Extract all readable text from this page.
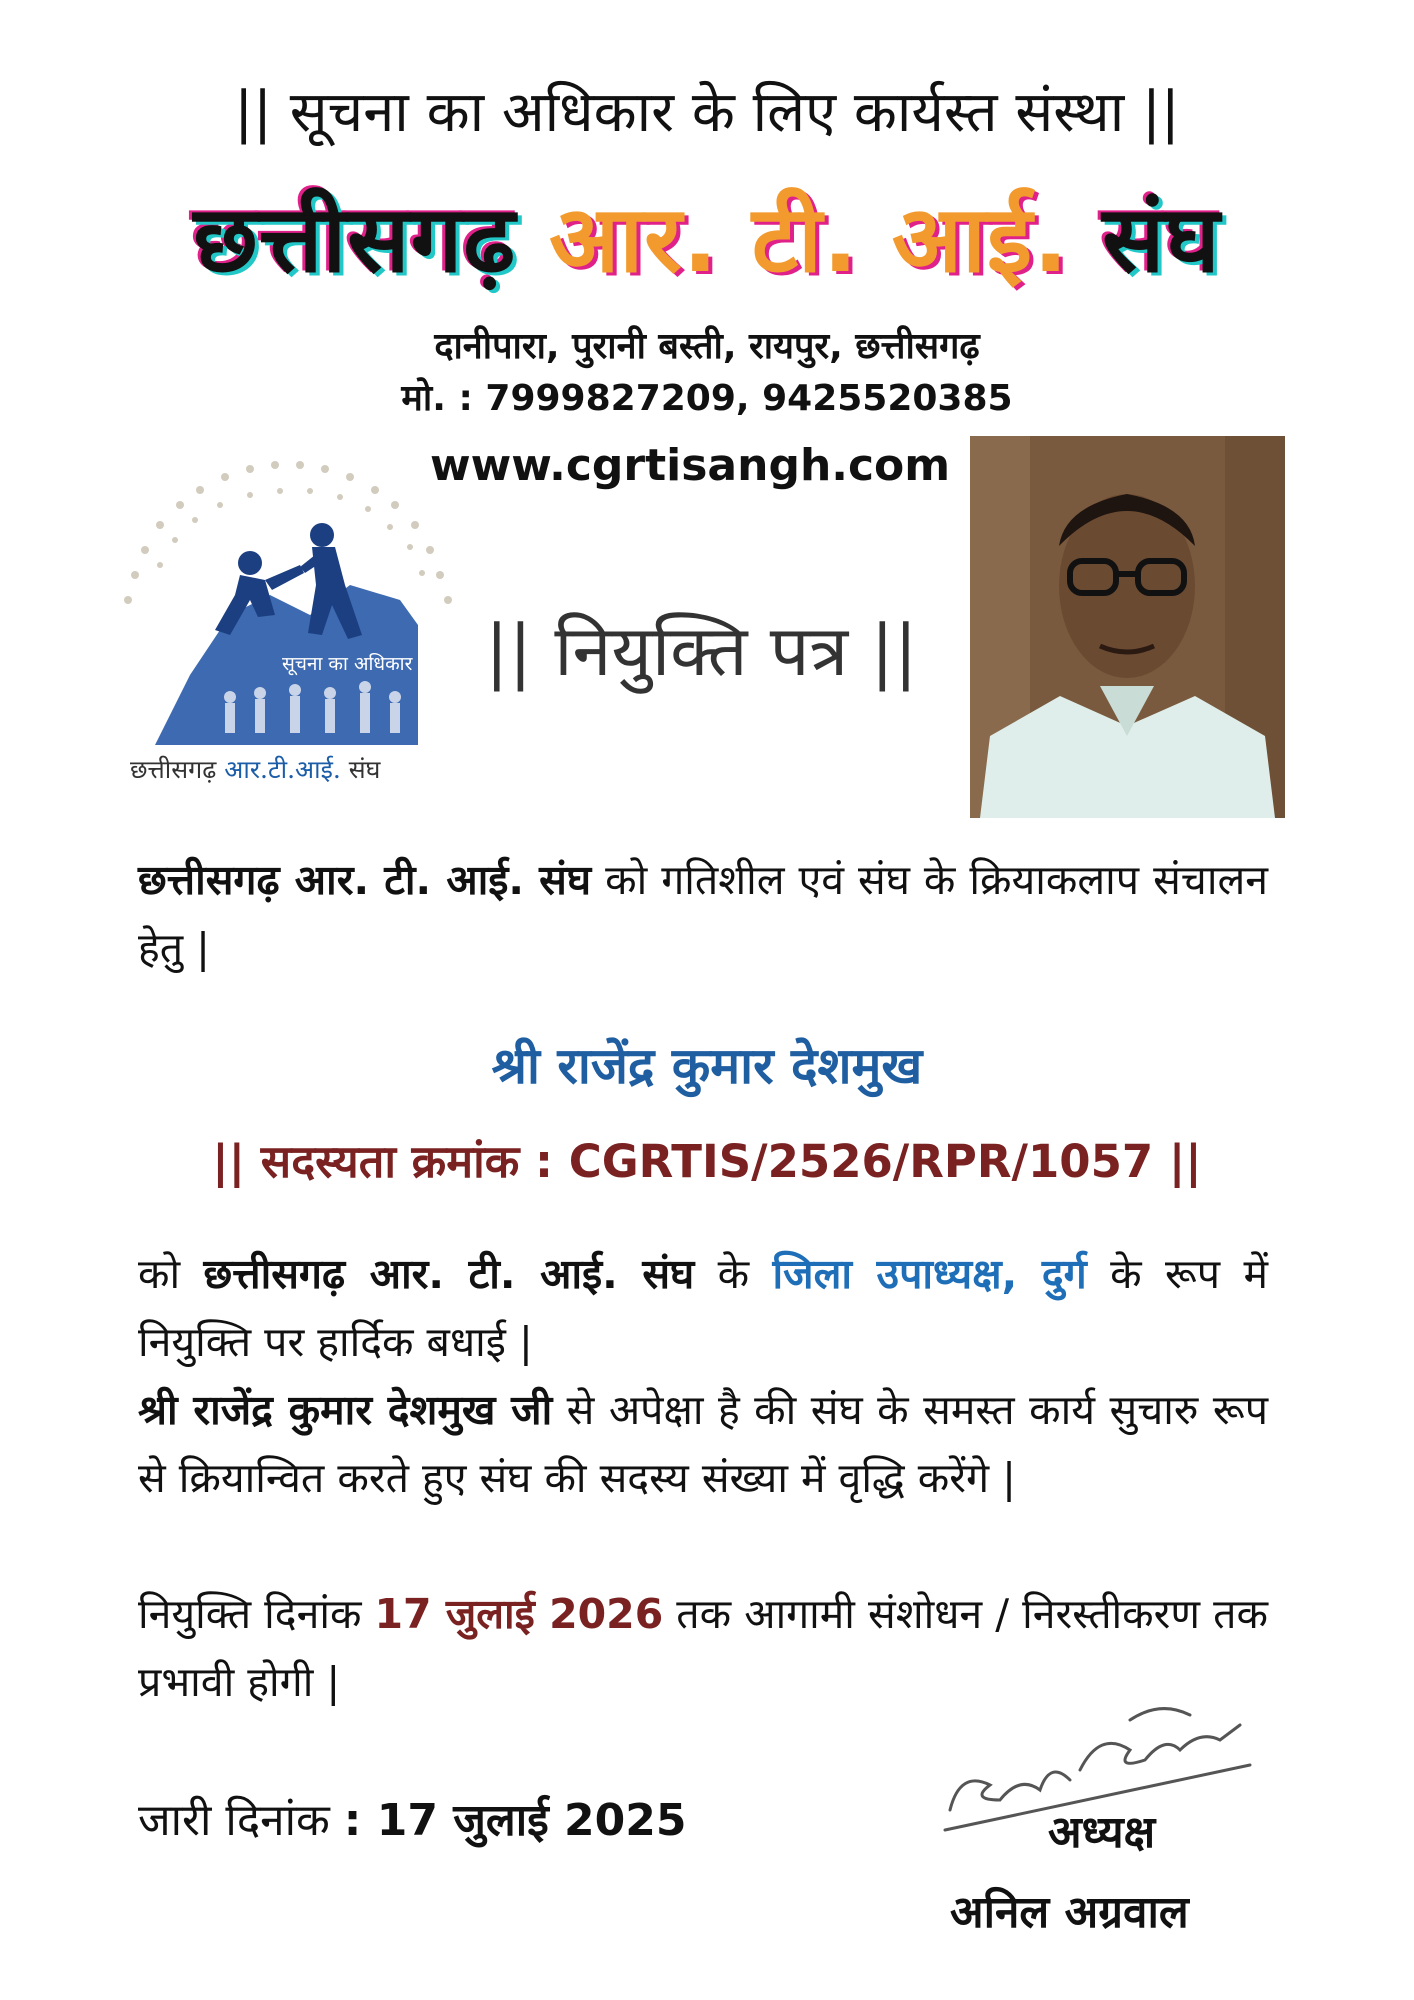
|| सूचना का अधिकार के लिए कार्यस्त संस्था ||
छत्तीसगढ़ आर. टी. आई. संघ
दानीपारा, पुरानी बस्ती, रायपुर, छत्तीसगढ़
मो. : 7999827209, 9425520385
www.cgrtisangh.com
सूचना का अधिकार
छत्तीसगढ़ आर.टी.आई. संघ
|| नियुक्ति पत्र ||
छत्तीसगढ़ आर. टी. आई. संघ को गतिशील एवं संघ के क्रियाकलाप संचालन हेतु |
श्री राजेंद्र कुमार देशमुख
|| सदस्यता क्रमांक : CGRTIS/2526/RPR/1057 ||
को छत्तीसगढ़ आर. टी. आई. संघ के जिला उपाध्यक्ष, दुर्ग के रूप में नियुक्ति पर हार्दिक बधाई |
श्री राजेंद्र कुमार देशमुख जी से अपेक्षा है की संघ के समस्त कार्य सुचारु रूप से क्रियान्वित करते हुए संघ की सदस्य संख्या में वृद्धि करेंगे |
नियुक्ति दिनांक 17 जुलाई 2026 तक आगामी संशोधन / निरस्तीकरण तक प्रभावी होगी |
जारी दिनांक : 17 जुलाई 2025	अध्यक्ष
अनिल अग्रवाल
